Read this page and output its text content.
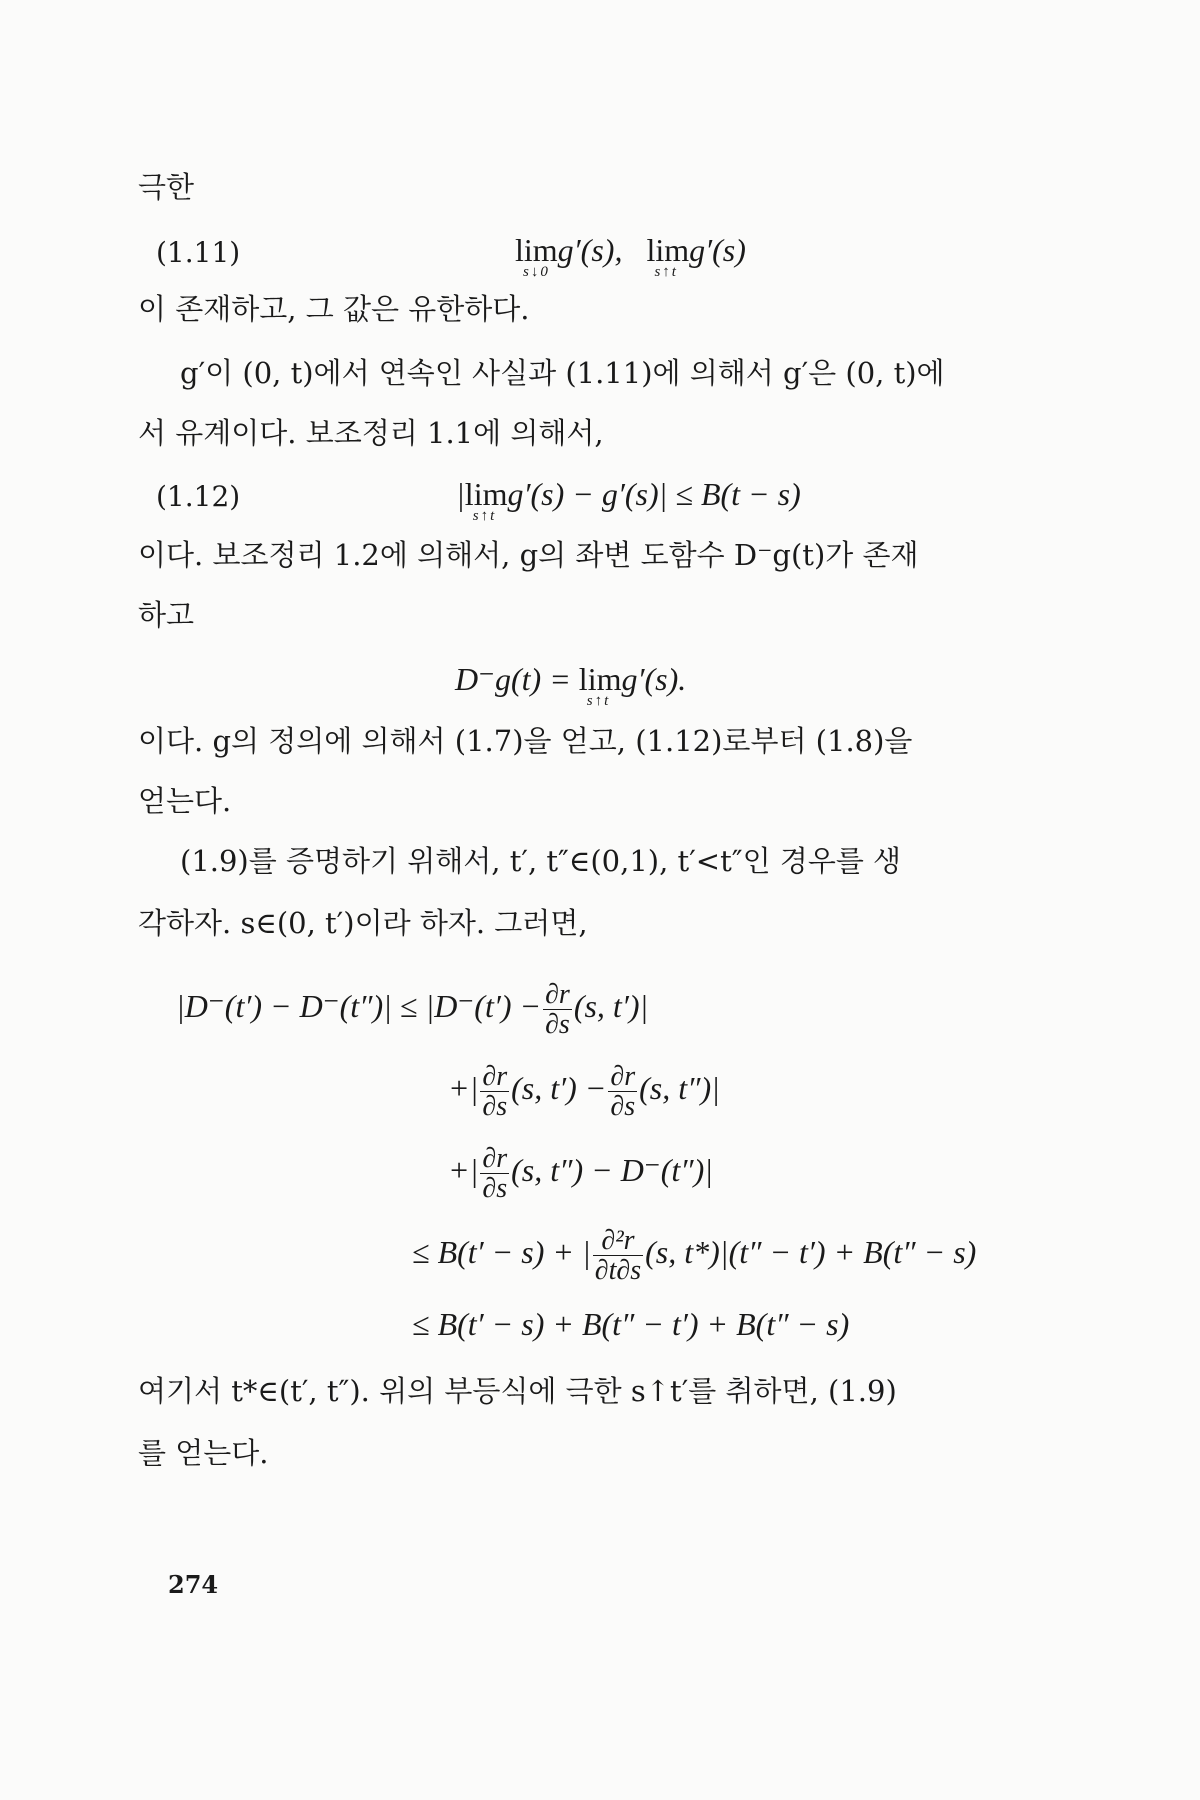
극한
(1.11)	lim
s↓0
g′(s), lim
s↑t
g′(s)
이 존재하고, 그 값은 유한하다.
g′이 (0, t)에서 연속인 사실과 (1.11)에 의해서 g′은 (0, t)에
서 유계이다. 보조정리 1.1에 의해서,
(1.12)	|lim
s↑t
g′(s) − g′(s)| ≤ B(t − s)
이다. 보조정리 1.2에 의해서, g의 좌변 도함수 D⁻g(t)가 존재
하고
D⁻g(t) = lim
s↑t
g′(s).
이다. g의 정의에 의해서 (1.7)을 얻고, (1.12)로부터 (1.8)을
얻는다.
(1.9)를 증명하기 위해서, t′, t″∈(0,1), t′<t″인 경우를 생
각하자. s∈(0, t′)이라 하자. 그러면,
$|D^-(t') - D^-(t'')| \le |D^-(t') - \frac{\partial r}{\partial s} (s$, t′)|
+| $\frac{\partial r}{\partial s} (s$, $t') - \frac{\partial r}{\partial s} (s$, t″)|
+| $\frac{\partial r}{\partial s} (s$, t″) − D⁻(t″)|
≤ B(t′ − s) + | $\frac{\text{∂²r}}{\partial t\partial s} (s$, t*)|(t″ − t′) + B(t″ − s)
≤ B(t′ − s) + B(t″ − t′) + B(t″ − s)
여기서 t*∈(t′, t″). 위의 부등식에 극한 s↑t′를 취하면, (1.9)
를 얻는다.
274
